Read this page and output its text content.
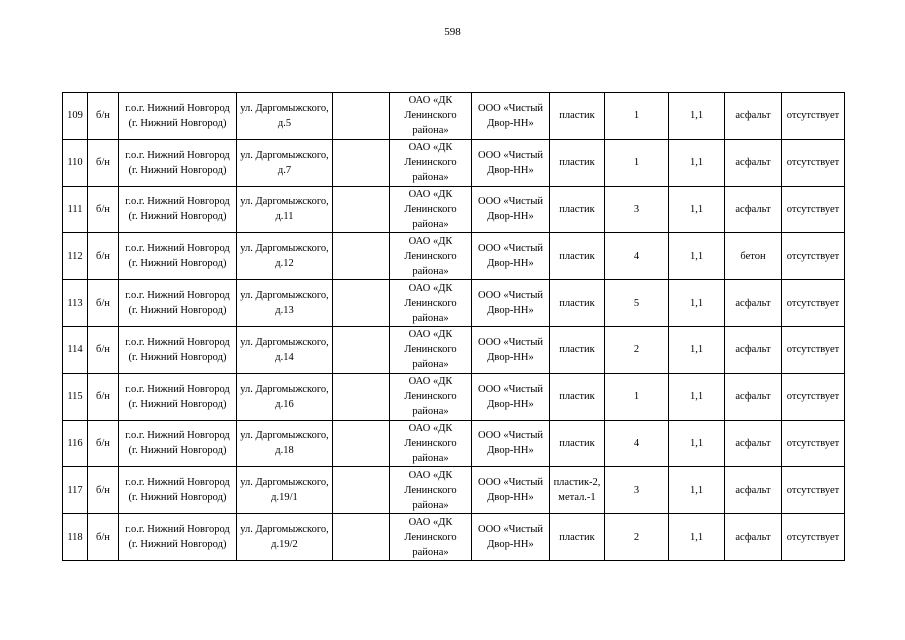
598
109	б/н	г.о.г. Нижний Новгород (г. Нижний Новгород)	ул. Даргомыжского, д.5		ОАО «ДК Ленинского района»	ООО «Чистый Двор-НН»	пластик	1	1,1	асфальт	отсутствует
110	б/н	г.о.г. Нижний Новгород (г. Нижний Новгород)	ул. Даргомыжского, д.7		ОАО «ДК Ленинского района»	ООО «Чистый Двор-НН»	пластик	1	1,1	асфальт	отсутствует
111	б/н	г.о.г. Нижний Новгород (г. Нижний Новгород)	ул. Даргомыжского, д.11		ОАО «ДК Ленинского района»	ООО «Чистый Двор-НН»	пластик	3	1,1	асфальт	отсутствует
112	б/н	г.о.г. Нижний Новгород (г. Нижний Новгород)	ул. Даргомыжского, д.12		ОАО «ДК Ленинского района»	ООО «Чистый Двор-НН»	пластик	4	1,1	бетон	отсутствует
113	б/н	г.о.г. Нижний Новгород (г. Нижний Новгород)	ул. Даргомыжского, д.13		ОАО «ДК Ленинского района»	ООО «Чистый Двор-НН»	пластик	5	1,1	асфальт	отсутствует
114	б/н	г.о.г. Нижний Новгород (г. Нижний Новгород)	ул. Даргомыжского, д.14		ОАО «ДК Ленинского района»	ООО «Чистый Двор-НН»	пластик	2	1,1	асфальт	отсутствует
115	б/н	г.о.г. Нижний Новгород (г. Нижний Новгород)	ул. Даргомыжского, д.16		ОАО «ДК Ленинского района»	ООО «Чистый Двор-НН»	пластик	1	1,1	асфальт	отсутствует
116	б/н	г.о.г. Нижний Новгород (г. Нижний Новгород)	ул. Даргомыжского, д.18		ОАО «ДК Ленинского района»	ООО «Чистый Двор-НН»	пластик	4	1,1	асфальт	отсутствует
117	б/н	г.о.г. Нижний Новгород (г. Нижний Новгород)	ул. Даргомыжского, д.19/1		ОАО «ДК Ленинского района»	ООО «Чистый Двор-НН»	пластик-2, метал.-1	3	1,1	асфальт	отсутствует
118	б/н	г.о.г. Нижний Новгород (г. Нижний Новгород)	ул. Даргомыжского, д.19/2		ОАО «ДК Ленинского района»	ООО «Чистый Двор-НН»	пластик	2	1,1	асфальт	отсутствует
